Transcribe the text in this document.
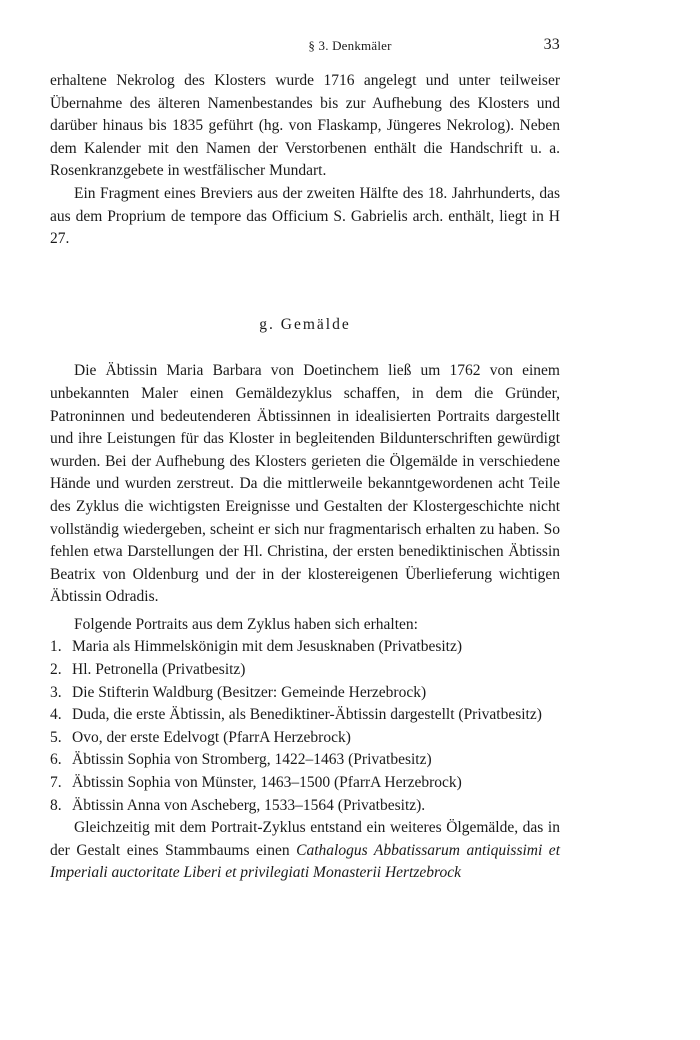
§ 3. Denkmäler	33

erhaltene Nekrolog des Klosters wurde 1716 angelegt und unter teilweiser Übernahme des älteren Namenbestandes bis zur Aufhebung des Klosters und darüber hinaus bis 1835 geführt (hg. von Flaskamp, Jüngeres Nekrolog). Neben dem Kalender mit den Namen der Verstorbenen enthält die Handschrift u. a. Rosenkranzgebete in westfälischer Mundart.

Ein Fragment eines Breviers aus der zweiten Hälfte des 18. Jahrhunderts, das aus dem Proprium de tempore das Officium S. Gabrielis arch. enthält, liegt in H 27.

g. Gemälde

Die Äbtissin Maria Barbara von Doetinchem ließ um 1762 von einem unbekannten Maler einen Gemäldezyklus schaffen, in dem die Gründer, Patroninnen und bedeutenderen Äbtissinnen in idealisierten Portraits dargestellt und ihre Leistungen für das Kloster in begleitenden Bildunterschriften gewürdigt wurden. Bei der Aufhebung des Klosters gerieten die Ölgemälde in verschiedene Hände und wurden zerstreut. Da die mittlerweile bekanntgewordenen acht Teile des Zyklus die wichtigsten Ereignisse und Gestalten der Klostergeschichte nicht vollständig wiedergeben, scheint er sich nur fragmentarisch erhalten zu haben. So fehlen etwa Darstellungen der Hl. Christina, der ersten benediktinischen Äbtissin Beatrix von Oldenburg und der in der klostereigenen Überlieferung wichtigen Äbtissin Odradis.

Folgende Portraits aus dem Zyklus haben sich erhalten:

1. Maria als Himmelskönigin mit dem Jesusknaben (Privatbesitz)
2. Hl. Petronella (Privatbesitz)
3. Die Stifterin Waldburg (Besitzer: Gemeinde Herzebrock)
4. Duda, die erste Äbtissin, als Benediktiner-Äbtissin dargestellt (Privatbesitz)
5. Ovo, der erste Edelvogt (PfarrA Herzebrock)
6. Äbtissin Sophia von Stromberg, 1422–1463 (Privatbesitz)
7. Äbtissin Sophia von Münster, 1463–1500 (PfarrA Herzebrock)
8. Äbtissin Anna von Ascheberg, 1533–1564 (Privatbesitz).

Gleichzeitig mit dem Portrait-Zyklus entstand ein weiteres Ölgemälde, das in der Gestalt eines Stammbaums einen Cathalogus Abbatissarum antiquissimi et Imperiali auctoritate Liberi et privilegiati Monasterii Hertzebrock
